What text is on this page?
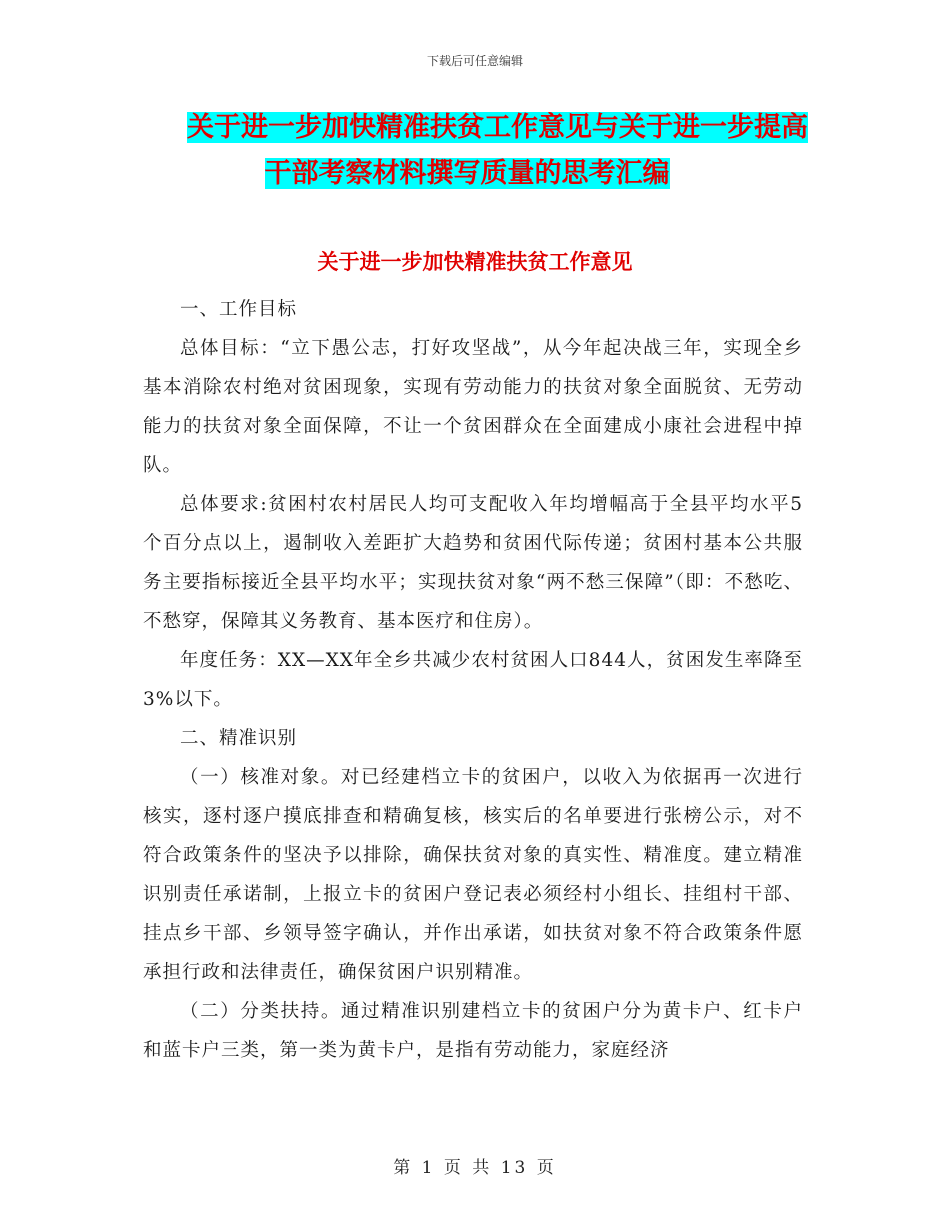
下载后可任意编辑
关于进一步加快精准扶贫工作意见与关于进一步提高
干部考察材料撰写质量的思考汇编
关于进一步加快精准扶贫工作意见

一、工作目标

总体目标：“立下愚公志，打好攻坚战”，从今年起决战三年，实现全乡基本消除农村绝对贫困现象，实现有劳动能力的扶贫对象全面脱贫、无劳动能力的扶贫对象全面保障，不让一个贫困群众在全面建成小康社会进程中掉队。

总体要求:贫困村农村居民人均可支配收入年均增幅高于全县平均水平5个百分点以上，遏制收入差距扩大趋势和贫困代际传递；贫困村基本公共服务主要指标接近全县平均水平；实现扶贫对象“两不愁三保障”（即：不愁吃、不愁穿，保障其义务教育、基本医疗和住房）。

年度任务：XX—XX年全乡共减少农村贫困人口844人，贫困发生率降至3%以下。

二、精准识别

（一）核准对象。对已经建档立卡的贫困户，以收入为依据再一次进行核实，逐村逐户摸底排查和精确复核，核实后的名单要进行张榜公示，对不符合政策条件的坚决予以排除，确保扶贫对象的真实性、精准度。建立精准识别责任承诺制，上报立卡的贫困户登记表必须经村小组长、挂组村干部、挂点乡干部、乡领导签字确认，并作出承诺，如扶贫对象不符合政策条件愿承担行政和法律责任，确保贫困户识别精准。

（二）分类扶持。通过精准识别建档立卡的贫困户分为黄卡户、红卡户和蓝卡户三类，第一类为黄卡户，是指有劳动能力，家庭经济

第 1 页 共 13 页
